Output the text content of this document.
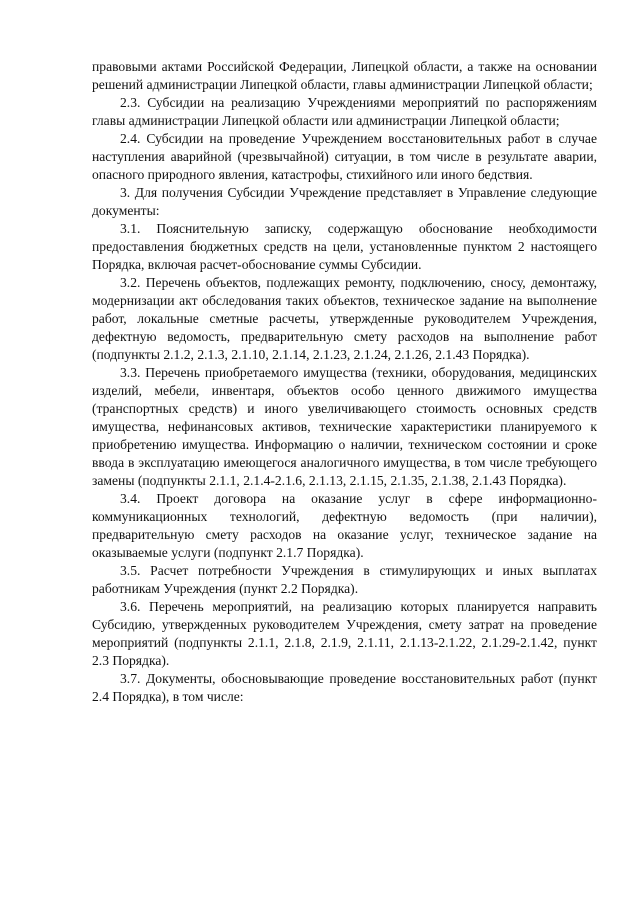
правовыми актами Российской Федерации, Липецкой области, а также на основании решений администрации Липецкой области, главы администрации Липецкой области;

2.3. Субсидии на реализацию Учреждениями мероприятий по распоряжениям главы администрации Липецкой области или администрации Липецкой области;

2.4. Субсидии на проведение Учреждением восстановительных работ в случае наступления аварийной (чрезвычайной) ситуации, в том числе в результате аварии, опасного природного явления, катастрофы, стихийного или иного бедствия.

3. Для получения Субсидии Учреждение представляет в Управление следующие документы:

3.1. Пояснительную записку, содержащую обоснование необходимости предоставления бюджетных средств на цели, установленные пунктом 2 настоящего Порядка, включая расчет-обоснование суммы Субсидии.

3.2. Перечень объектов, подлежащих ремонту, подключению, сносу, демонтажу, модернизации акт обследования таких объектов, техническое задание на выполнение работ, локальные сметные расчеты, утвержденные руководителем Учреждения, дефектную ведомость, предварительную смету расходов на выполнение работ (подпункты 2.1.2, 2.1.3, 2.1.10, 2.1.14, 2.1.23, 2.1.24, 2.1.26, 2.1.43 Порядка).

3.3. Перечень приобретаемого имущества (техники, оборудования, медицинских изделий, мебели, инвентаря, объектов особо ценного движимого имущества (транспортных средств) и иного увеличивающего стоимость основных средств имущества, нефинансовых активов, технические характеристики планируемого к приобретению имущества. Информацию о наличии, техническом состоянии и сроке ввода в эксплуатацию имеющегося аналогичного имущества, в том числе требующего замены (подпункты 2.1.1, 2.1.4-2.1.6, 2.1.13, 2.1.15, 2.1.35, 2.1.38, 2.1.43 Порядка).

3.4. Проект договора на оказание услуг в сфере информационно-коммуникационных технологий, дефектную ведомость (при наличии), предварительную смету расходов на оказание услуг, техническое задание на оказываемые услуги (подпункт 2.1.7 Порядка).

3.5. Расчет потребности Учреждения в стимулирующих и иных выплатах работникам Учреждения (пункт 2.2 Порядка).

3.6. Перечень мероприятий, на реализацию которых планируется направить Субсидию, утвержденных руководителем Учреждения, смету затрат на проведение мероприятий (подпункты 2.1.1, 2.1.8, 2.1.9, 2.1.11, 2.1.13-2.1.22, 2.1.29-2.1.42, пункт 2.3 Порядка).

3.7. Документы, обосновывающие проведение восстановительных работ (пункт 2.4 Порядка), в том числе:
